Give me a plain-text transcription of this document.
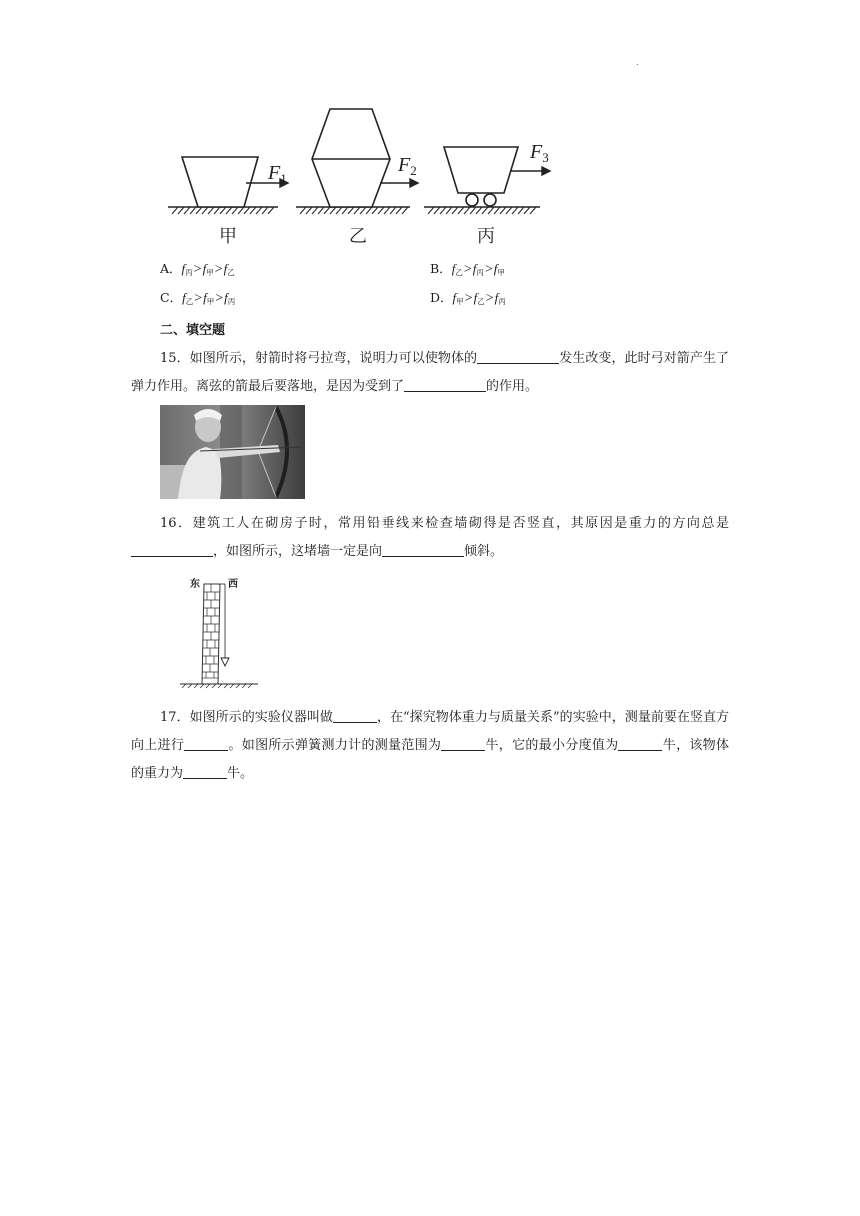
.
$F_1$
$F_2$
$F_3$
甲	乙	丙
A．$f_丙>f_甲>f_乙$	B．$f_乙>f_丙>f_甲$
C．$f_乙>f_甲>f_丙$	D．$f_甲>f_乙>f_丙$
二、填空题
15．如图所示，射箭时将弓拉弯，说明力可以使物体的	发生改变，此时弓对箭产生了弹力作用。离弦的箭最后要落地，是因为受到了	的作用。
16．建筑工人在砌房子时，常用铅垂线来检查墙砌得是否竖直，其原因是重力的方向总是，如图所示，这堵墙一定是向	倾斜。
东	西
17．如图所示的实验仪器叫做	，在“探究物体重力与质量关系”的实验中，测量前要在竖直方向上进行	。如图所示弹簧测力计的测量范围为	牛，它的最小分度值为	牛，该物体的重力为	牛。
